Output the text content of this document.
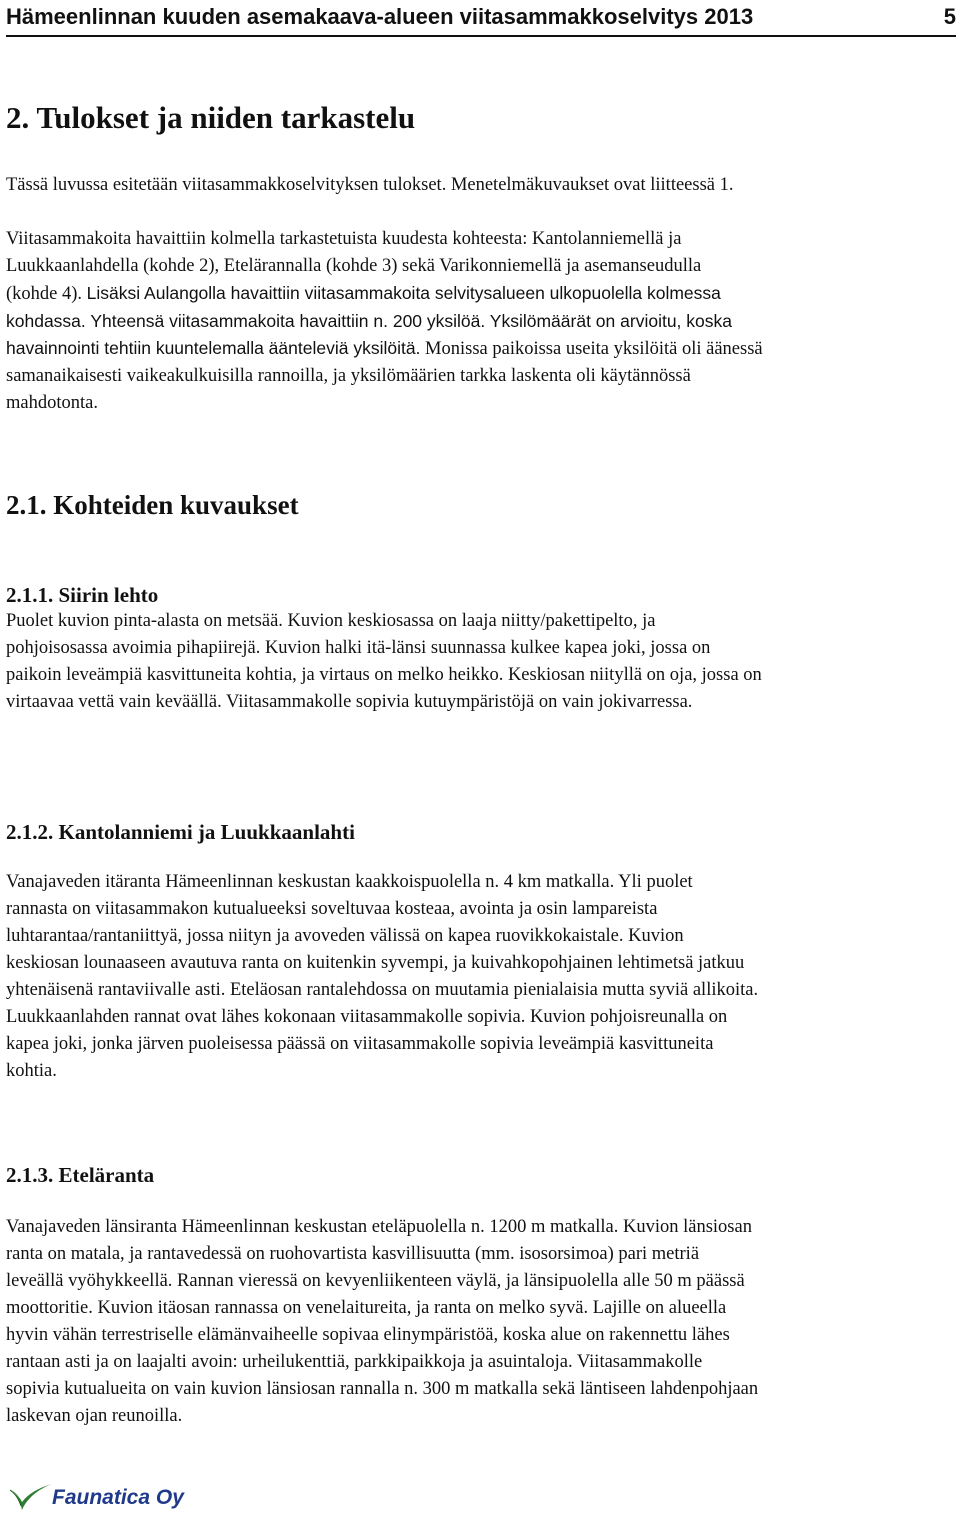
Hämeenlinnan kuuden asemakaava-alueen viitasammakkoselvitys 2013	5
2. Tulokset ja niiden tarkastelu

Tässä luvussa esitetään viitasammakkoselvityksen tulokset. Menetelmäkuvaukset ovat liitteessä 1.

Viitasammakoita havaittiin kolmella tarkastetuista kuudesta kohteesta: Kantolanniemellä ja
Luukkaanlahdella (kohde 2), Etelärannalla (kohde 3) sekä Varikonniemellä ja asemanseudulla
(kohde 4). Lisäksi Aulangolla havaittiin viitasammakoita selvitysalueen ulkopuolella kolmessa
kohdassa. Yhteensä viitasammakoita havaittiin n. 200 yksilöä. Yksilömäärät on arvioitu, koska
havainnointi tehtiin kuuntelemalla äänteleviä yksilöitä. Monissa paikoissa useita yksilöitä oli äänessä
samanaikaisesti vaikeakulkuisilla rannoilla, ja yksilömäärien tarkka laskenta oli käytännössä
mahdotonta.

2.1. Kohteiden kuvaukset
2.1.1. Siirin lehto

Puolet kuvion pinta-alasta on metsää. Kuvion keskiosassa on laaja niitty/pakettipelto, ja
pohjoisosassa avoimia pihapiirejä. Kuvion halki itä-länsi suunnassa kulkee kapea joki, jossa on
paikoin leveämpiä kasvittuneita kohtia, ja virtaus on melko heikko. Keskiosan niityllä on oja, jossa on
virtaavaa vettä vain keväällä. Viitasammakolle sopivia kutuympäristöjä on vain jokivarressa.

2.1.2. Kantolanniemi ja Luukkaanlahti

Vanajaveden itäranta Hämeenlinnan keskustan kaakkoispuolella n. 4 km matkalla. Yli puolet
rannasta on viitasammakon kutualueeksi soveltuvaa kosteaa, avointa ja osin lampareista
luhtarantaa/rantaniittyä, jossa niityn ja avoveden välissä on kapea ruovikkokaistale. Kuvion
keskiosan lounaaseen avautuva ranta on kuitenkin syvempi, ja kuivahkopohjainen lehtimetsä jatkuu
yhtenäisenä rantaviivalle asti. Eteläosan rantalehdossa on muutamia pienialaisia mutta syviä allikoita.
Luukkaanlahden rannat ovat lähes kokonaan viitasammakolle sopivia. Kuvion pohjoisreunalla on
kapea joki, jonka järven puoleisessa päässä on viitasammakolle sopivia leveämpiä kasvittuneita
kohtia.

2.1.3. Eteläranta

Vanajaveden länsiranta Hämeenlinnan keskustan eteläpuolella n. 1200 m matkalla. Kuvion länsiosan
ranta on matala, ja rantavedessä on ruohovartista kasvillisuutta (mm. isosorsimoa) pari metriä
leveällä vyöhykkeellä. Rannan vieressä on kevyenliikenteen väylä, ja länsipuolella alle 50 m päässä
moottoritie. Kuvion itäosan rannassa on venelaitureita, ja ranta on melko syvä. Lajille on alueella
hyvin vähän terrestriselle elämänvaiheelle sopivaa elinympäristöä, koska alue on rakennettu lähes
rantaan asti ja on laajalti avoin: urheilukenttiä, parkkipaikkoja ja asuintaloja. Viitasammakolle
sopivia kutualueita on vain kuvion länsiosan rannalla n. 300 m matkalla sekä läntiseen lahdenpohjaan
laskevan ojan reunoilla.

Faunatica Oy
